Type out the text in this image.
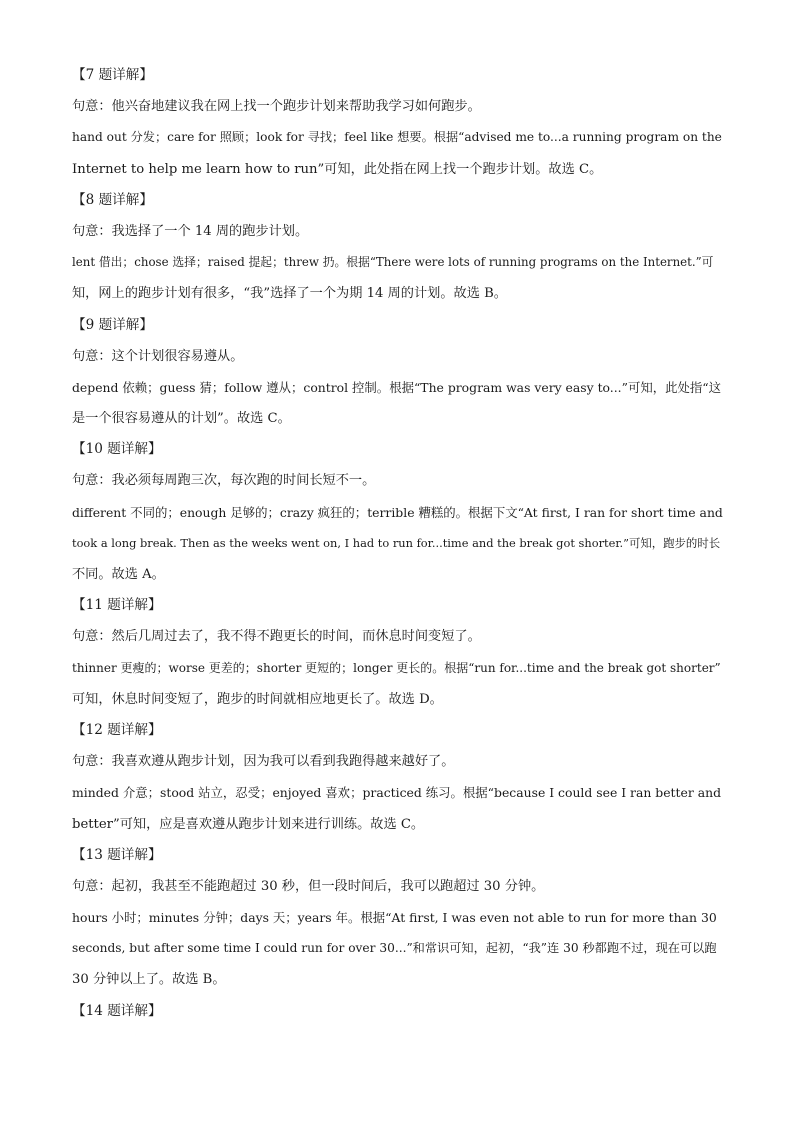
【7 题详解】
句意：他兴奋地建议我在网上找一个跑步计划来帮助我学习如何跑步。
hand out 分发；care for 照顾；look for 寻找；feel like 想要。根据“advised me to...a running program on the
Internet to help me learn how to run”可知，此处指在网上找一个跑步计划。故选 C。
【8 题详解】
句意：我选择了一个 14 周的跑步计划。
lent 借出；chose 选择；raised 提起；threw 扔。根据“There were lots of running programs on the Internet.”可
知，网上的跑步计划有很多，“我”选择了一个为期 14 周的计划。故选 B。
【9 题详解】
句意：这个计划很容易遵从。
depend 依赖；guess 猜；follow 遵从；control 控制。根据“The program was very easy to...”可知，此处指“这
是一个很容易遵从的计划”。故选 C。
【10 题详解】
句意：我必须每周跑三次，每次跑的时间长短不一。
different 不同的；enough 足够的；crazy 疯狂的；terrible 糟糕的。根据下文“At first, I ran for short time and
took a long break. Then as the weeks went on, I had to run for...time and the break got shorter.”可知，跑步的时长
不同。故选 A。
【11 题详解】
句意：然后几周过去了，我不得不跑更长的时间，而休息时间变短了。
thinner 更瘦的；worse 更差的；shorter 更短的；longer 更长的。根据“run for...time and the break got shorter”
可知，休息时间变短了，跑步的时间就相应地更长了。故选 D。
【12 题详解】
句意：我喜欢遵从跑步计划，因为我可以看到我跑得越来越好了。
minded 介意；stood 站立，忍受；enjoyed 喜欢；practiced 练习。根据“because I could see I ran better and
better”可知，应是喜欢遵从跑步计划来进行训练。故选 C。
【13 题详解】
句意：起初，我甚至不能跑超过 30 秒，但一段时间后，我可以跑超过 30 分钟。
hours 小时；minutes 分钟；days 天；years 年。根据“At first, I was even not able to run for more than 30
seconds, but after some time I could run for over 30...”和常识可知，起初，“我”连 30 秒都跑不过，现在可以跑
30 分钟以上了。故选 B。
【14 题详解】
